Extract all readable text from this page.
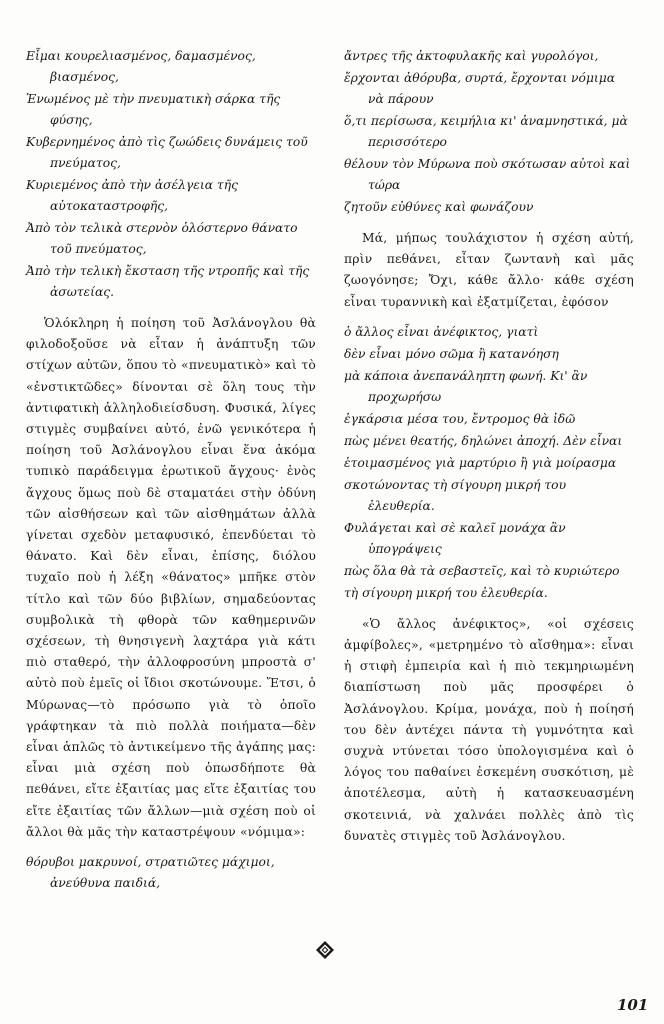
Εἶμαι κουρελιασμένος, δαμασμένος, βιασμένος,

Ἑνωμένος μὲ τὴν πνευματικὴ σάρκα τῆς φύσης,

Κυβερνημένος ἀπὸ τὶς ζωώδεις δυνάμεις τοῦ πνεύματος,

Κυριεμένος ἀπὸ τὴν ἀσέλγεια τῆς αὐτοκαταστροφῆς,

Ἀπὸ τὸν τελικὰ στερνὸν ὁλόστερνο θάνατο τοῦ πνεύματος,

Ἀπὸ τὴν τελικὴ ἔκσταση τῆς ντροπῆς καὶ τῆς ἀσωτείας.

Ὁλόκληρη ἡ ποίηση τοῦ Ἀσλάνογλου θὰ φιλοδοξοῦσε νὰ εἶταν ἡ ἀνάπτυξη τῶν στίχων αὐτῶν, ὅπου τὸ «πνευματικὸ» καὶ τὸ «ἐνστικτῶδες» δίνονται σὲ ὅλη τους τὴν ἀντιφατικὴ ἀλληλοδιείσδυση. Φυσικά, λίγες στιγμὲς συμβαίνει αὐτό, ἐνῶ γενικότερα ἡ ποίηση τοῦ Ἀσλάνογλου εἶναι ἕνα ἀκόμα τυπικὸ παράδειγμα ἐρωτικοῦ ἄγχους· ἑνὸς ἄγχους ὅμως ποὺ δὲ σταματάει στὴν ὀδύνη τῶν αἰσθήσεων καὶ τῶν αἰσθημάτων ἀλλὰ γίνεται σχεδὸν μεταφυσικό, ἐπενδύεται τὸ θάνατο. Καὶ δὲν εἶναι, ἐπίσης, διόλου τυχαῖο ποὺ ἡ λέξη «θάνατος» μπῆκε στὸν τίτλο καὶ τῶν δύο βιβλίων, σημαδεύοντας συμβολικὰ τὴ φθορὰ τῶν καθημερινῶν σχέσεων, τὴ θνησιγενὴ λαχτάρα γιὰ κάτι πιὸ σταθερό, τὴν ἀλλοφροσύνη μπροστὰ σ' αὐτὸ ποὺ ἐμεῖς οἱ ἴδιοι σκοτώνουμε. Ἔτσι, ὁ Μύρωνας—τὸ πρόσωπο γιὰ τὸ ὁποῖο γράφτηκαν τὰ πιὸ πολλὰ ποιήματα—δὲν εἶναι ἁπλῶς τὸ ἀντικείμενο τῆς ἀγάπης μας: εἶναι μιὰ σχέση ποὺ ὁπωσδήποτε θὰ πεθάνει, εἴτε ἐξαιτίας μας εἴτε ἐξαιτίας του εἴτε ἐξαιτίας τῶν ἄλλων—μιὰ σχέση ποὺ οἱ ἄλλοι θὰ μᾶς τὴν καταστρέψουν «νόμιμα»:

θόρυβοι μακρυνοί, στρατιῶτες μάχιμοι, ἀνεύθυνα παιδιά,

ἄντρες τῆς ἀκτοφυλακῆς καὶ γυρολόγοι,

ἔρχονται ἀθόρυβα, συρτά, ἔρχονται νόμιμα νὰ πάρουν

ὅ,τι περίσωσα, κειμήλια κι' ἀναμνηστικά, μὰ περισσότερο

θέλουν τὸν Μύρωνα ποὺ σκότωσαν αὐτοὶ καὶ τώρα

ζητοῦν εὐθύνες καὶ φωνάζουν

Μά, μήπως τουλάχιστον ἡ σχέση αὐτή, πρὶν πεθάνει, εἶταν ζωντανὴ καὶ μᾶς ζωογόνησε; Ὄχι, κάθε ἄλλο· κάθε σχέση εἶναι τυραννικὴ καὶ ἐξατμίζεται, ἐφόσον

ὁ ἄλλος εἶναι ἀνέφικτος, γιατὶ

δὲν εἶναι μόνο σῶμα ἢ κατανόηση

μὰ κάποια ἀνεπανάληπτη φωνή. Κι' ἂν προχωρήσω

ἐγκάρσια μέσα του, ἔντρομος θὰ ἰδῶ

πὼς μένει θεατής, δηλώνει ἀποχή. Δὲν εἶναι

ἑτοιμασμένος γιὰ μαρτύριο ἢ γιὰ μοίρασμα

σκοτώνοντας τὴ σίγουρη μικρή του ἐλευθερία.

Φυλάγεται καὶ σὲ καλεῖ μονάχα ἂν ὑπογράψεις

πὼς ὅλα θὰ τὰ σεβαστεῖς, καὶ τὸ κυριώτερο

τὴ σίγουρη μικρή του ἐλευθερία.

«Ὁ ἄλλος ἀνέφικτος», «οἱ σχέσεις ἀμφίβολες», «μετρημένο τὸ αἴσθημα»: εἶναι ἡ στιφὴ ἐμπειρία καὶ ἡ πιὸ τεκμηριωμένη διαπίστωση ποὺ μᾶς προσφέρει ὁ Ἀσλάνογλου. Κρίμα, μονάχα, ποὺ ἡ ποίησή του δὲν ἀντέχει πάντα τὴ γυμνότητα καὶ συχνὰ ντύνεται τόσο ὑπολογισμένα καὶ ὁ λόγος του παθαίνει ἐσκεμένη συσκότιση, μὲ ἀποτέλεσμα, αὐτὴ ἡ κατασκευασμένη σκοτεινιά, νὰ χαλνάει πολλὲς ἀπὸ τὶς δυνατὲς στιγμὲς τοῦ Ἀσλάνογλου.

101
